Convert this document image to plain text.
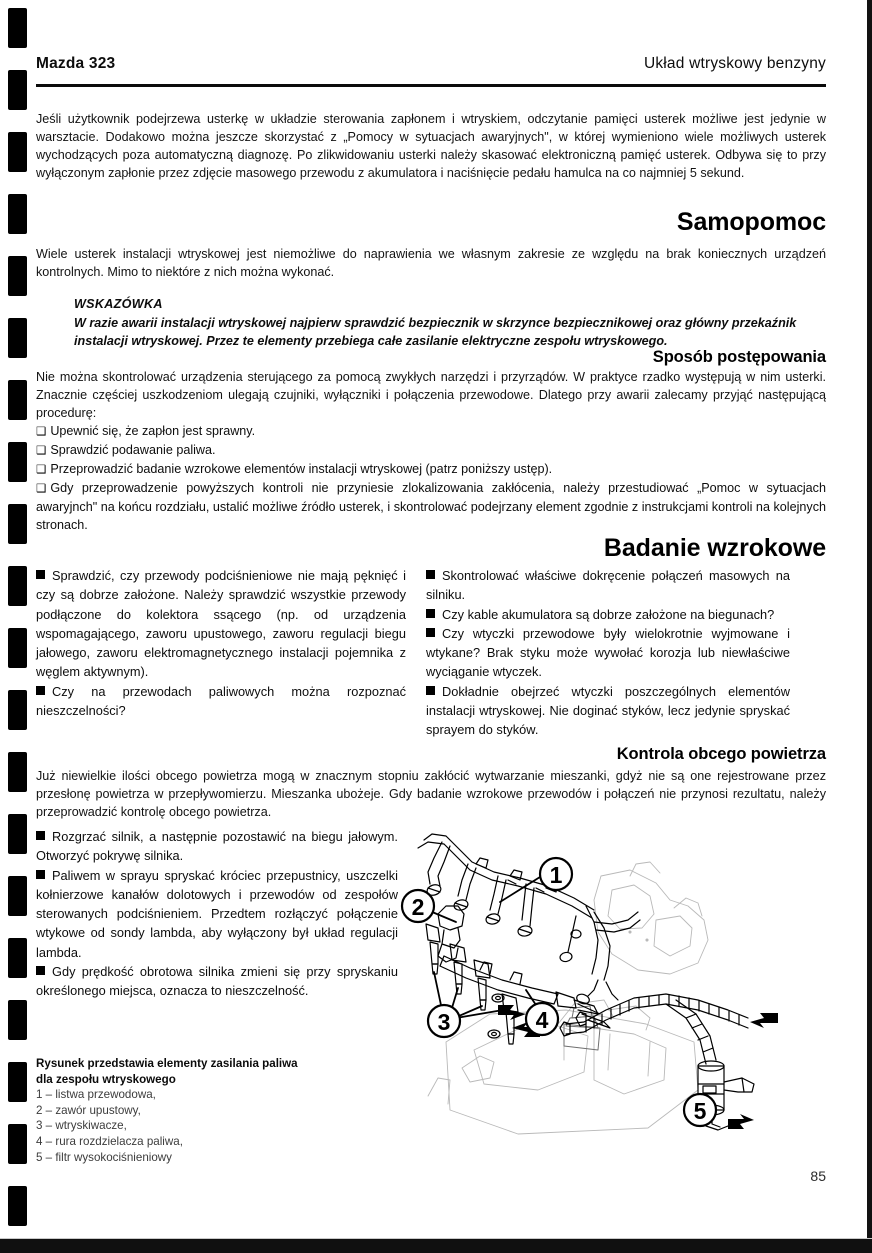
Mazda 323	Układ wtryskowy benzyny
Jeśli użytkownik podejrzewa usterkę w układzie sterowania zapłonem i wtryskiem, odczytanie pamięci usterek możliwe jest jedynie w warsztacie. Dodakowo można jeszcze skorzystać z „Pomocy w sytuacjach awaryjnych", w której wymieniono wiele możliwych usterek wychodzących poza automatyczną diagnozę. Po zlikwidowaniu usterki należy skasować elektroniczną pamięć usterek. Odbywa się to przy wyłączonym zapłonie przez zdjęcie masowego przewodu z akumulatora i naciśnięcie pedału hamulca na co najmniej 5 sekund.
Samopomoc
Wiele usterek instalacji wtryskowej jest niemożliwe do naprawienia we własnym zakresie ze względu na brak koniecznych urządzeń kontrolnych. Mimo to niektóre z nich można wykonać.
WSKAZÓWKA
W razie awarii instalacji wtryskowej najpierw sprawdzić bezpiecznik w skrzynce bezpiecznikowej oraz główny przekaźnik instalacji wtryskowej. Przez te elementy przebiega całe zasilanie elektryczne zespołu wtryskowego.
Sposób postępowania
Nie można skontrolować urządzenia sterującego za pomocą zwykłych narzędzi i przyrządów. W praktyce rzadko występują w nim usterki. Znacznie częściej uszkodzeniom ulegają czujniki, wyłączniki i połączenia przewodowe. Dlatego przy awarii zalecamy przyjąć następującą procedurę:
❑ Upewnić się, że zapłon jest sprawny.
❑ Sprawdzić podawanie paliwa.
❑ Przeprowadzić badanie wzrokowe elementów instalacji wtryskowej (patrz poniższy ustęp).
❑ Gdy przeprowadzenie powyższych kontroli nie przyniesie zlokalizowania zakłócenia, należy przestudiować „Pomoc w sytuacjach awaryjnch" na końcu rozdziału, ustalić możliwe źródło usterek, i skontrolować podejrzany element zgodnie z instrukcjami kontroli na kolejnych stronach.
Badanie wzrokowe

Sprawdzić, czy przewody podciśnieniowe nie mają pęknięć i czy są dobrze założone. Należy sprawdzić wszystkie przewody podłączone do kolektora ssącego (np. od urządzenia wspomagającego, zaworu upustowego, zaworu regulacji biegu jałowego, zaworu elektromagnetycznego instalacji pojemnika z węglem aktywnym).

Czy na przewodach paliwowych można rozpoznać nieszczelności?

Skontrolować właściwe dokręcenie połączeń masowych na silniku.

Czy kable akumulatora są dobrze założone na biegunach?

Czy wtyczki przewodowe były wielokrotnie wyjmowane i wtykane? Brak styku może wywołać korozja lub niewłaściwe wyciąganie wtyczek.

Dokładnie obejrzeć wtyczki poszczególnych elementów instalacji wtryskowej. Nie doginać styków, lecz jedynie spryskać sprayem do styków.

Kontrola obcego powietrza
Już niewielkie ilości obcego powietrza mogą w znacznym stopniu zakłócić wytwarzanie mieszanki, gdyż nie są one rejestrowane przez przesłonę powietrza w przepływomierzu. Mieszanka ubożeje. Gdy badanie wzrokowe przewodów i połączeń nie przynosi rezultatu, należy przeprowadzić kontrolę obcego powietrza.

Rozgrzać silnik, a następnie pozostawić na biegu jałowym. Otworzyć pokrywę silnika.

Paliwem w sprayu spryskać króciec przepustnicy, uszczelki kołnierzowe kanałów dolotowych i przewodów od zespołów sterowanych podciśnieniem. Przedtem rozłączyć połączenie wtykowe od sondy lambda, aby wyłączony był układ regulacji lambda.

Gdy prędkość obrotowa silnika zmieni się przy spryskaniu określonego miejsca, oznacza to nieszczelność.

Rysunek przedstawia elementy zasilania paliwa
dla zespołu wtryskowego
1 – listwa przewodowa,
2 – zawór upustowy,
3 – wtryskiwacze,
4 – rura rozdzielacza paliwa,
5 – filtr wysokociśnieniowy
85
1
2
3	4
5
